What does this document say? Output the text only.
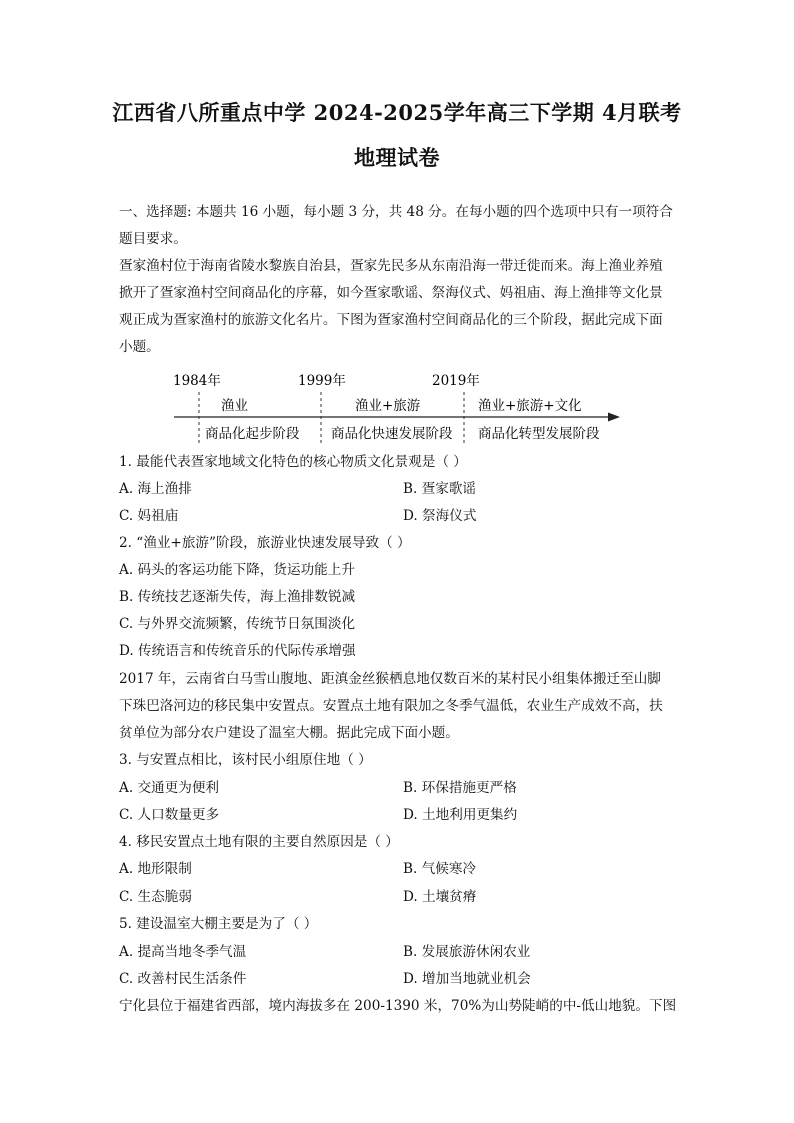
江西省八所重点中学 2024-2025学年高三下学期 4月联考
地理试卷
一、选择题: 本题共 16 小题，每小题 3 分，共 48 分。在每小题的四个选项中只有一项符合
题目要求。
疍家渔村位于海南省陵水黎族自治县，疍家先民多从东南沿海一带迁徙而来。海上渔业养殖
掀开了疍家渔村空间商品化的序幕，如今疍家歌谣、祭海仪式、妈祖庙、海上渔排等文化景
观正成为疍家渔村的旅游文化名片。下图为疍家渔村空间商品化的三个阶段，据此完成下面
小题。
1984年	1999年	2019年
渔业	渔业+旅游	渔业+旅游+文化
商品化起步阶段 商品化快速发展阶段 商品化转型发展阶段
1. 最能代表疍家地域文化特色的核心物质文化景观是（ ）
A. 海上渔排	B. 疍家歌谣
C. 妈祖庙	D. 祭海仪式
2. “渔业+旅游”阶段，旅游业快速发展导致（ ）
A. 码头的客运功能下降，货运功能上升
B. 传统技艺逐渐失传，海上渔排数锐减
C. 与外界交流频繁，传统节日氛围淡化
D. 传统语言和传统音乐的代际传承增强
2017 年，云南省白马雪山腹地、距滇金丝猴栖息地仅数百米的某村民小组集体搬迁至山脚
下珠巴洛河边的移民集中安置点。安置点土地有限加之冬季气温低，农业生产成效不高，扶
贫单位为部分农户建设了温室大棚。据此完成下面小题。
3. 与安置点相比，该村民小组原住地（ ）
A. 交通更为便利	B. 环保措施更严格
C. 人口数量更多	D. 土地利用更集约
4. 移民安置点土地有限的主要自然原因是（ ）
A. 地形限制	B. 气候寒冷
C. 生态脆弱	D. 土壤贫瘠
5. 建设温室大棚主要是为了（ ）
A. 提高当地冬季气温	B. 发展旅游休闲农业
C. 改善村民生活条件	D. 增加当地就业机会
宁化县位于福建省西部，境内海拔多在 200-1390 米，70%为山势陡峭的中-低山地貌。下图
